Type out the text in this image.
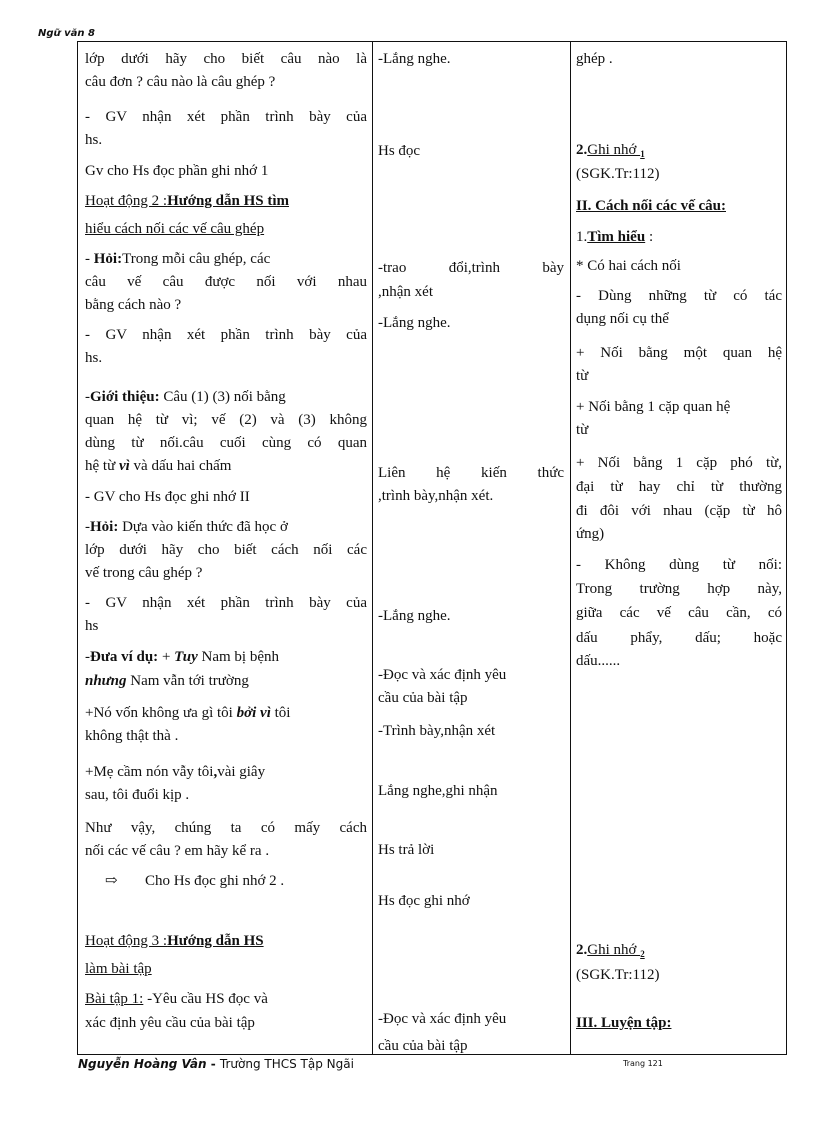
Ngữ văn 8
lớp dưới hãy cho biết câu nào là
câu đơn ? câu nào là câu ghép ?
- GV nhận xét phần trình bày của
hs.
Gv cho Hs đọc phần ghi nhớ 1
Hoạt động 2 :Hướng dẫn HS tìm
hiểu cách nối các vế câu ghép
- Hỏi:Trong mỗi câu ghép, các
câu vế câu được nối với nhau
bằng cách nào ?
- GV nhận xét phần trình bày của
hs.
-Giới thiệu: Câu (1) (3) nối bằng
quan hệ từ vì; vế (2) và (3) không
dùng từ nối.câu cuối cùng có quan
hệ từ vì và dấu hai chấm
- GV cho Hs đọc ghi nhớ II
-Hỏi: Dựa vào kiến thức đã học ở
lớp dưới hãy cho biết cách nối các
vế trong câu ghép ?
- GV nhận xét phần trình bày của
hs
-Đưa ví dụ: + Tuy Nam bị bệnh
nhưng Nam vẫn tới trường
+Nó vốn không ưa gì tôi bởi vì tôi
không thật thà .
+Mẹ cầm nón vẫy tôi,vài giây
sau, tôi đuổi kịp .
Như vậy, chúng ta có mấy cách
nối các vế câu ? em hãy kể ra .
⇨ Cho Hs đọc ghi nhớ 2 .
Hoạt động 3 :Hướng dẫn HS
làm bài tập
Bài tập 1: -Yêu cầu HS đọc và
xác định yêu cầu của bài tập

-Lắng nghe.
Hs đọc
-trao đổi,trình bày
,nhận xét
-Lắng nghe.
Liên hệ kiến thức
,trình bày,nhận xét.
-Lắng nghe.
-Đọc và xác định yêu
cầu của bài tập
-Trình bày,nhận xét
Lắng nghe,ghi nhận
Hs trả lời
Hs đọc ghi nhớ
-Đọc và xác định yêu
cầu của bài tập

ghép .
2.Ghi nhớ $_1$
(SGK.Tr:112)
II. Cách nối các vế câu:
1.Tìm hiểu :
* Có hai cách nối
- Dùng những từ có tác
dụng nối cụ thể
+ Nối bằng một quan hệ
từ
+ Nối bằng 1 cặp quan hệ
từ
+ Nối bằng 1 cặp phó từ,
đại từ hay chỉ từ thường
đi đôi với nhau (cặp từ hô
ứng)
- Không dùng từ nối:
Trong trường hợp này,
giữa các vế câu cần, có
dấu phẩy, dấu; hoặc
dấu......
2.Ghi nhớ $_2$
(SGK.Tr:112)
III. Luyện tập:
Nguyễn Hoàng Vân - Trường THCS Tập Ngãi	Trang 121
